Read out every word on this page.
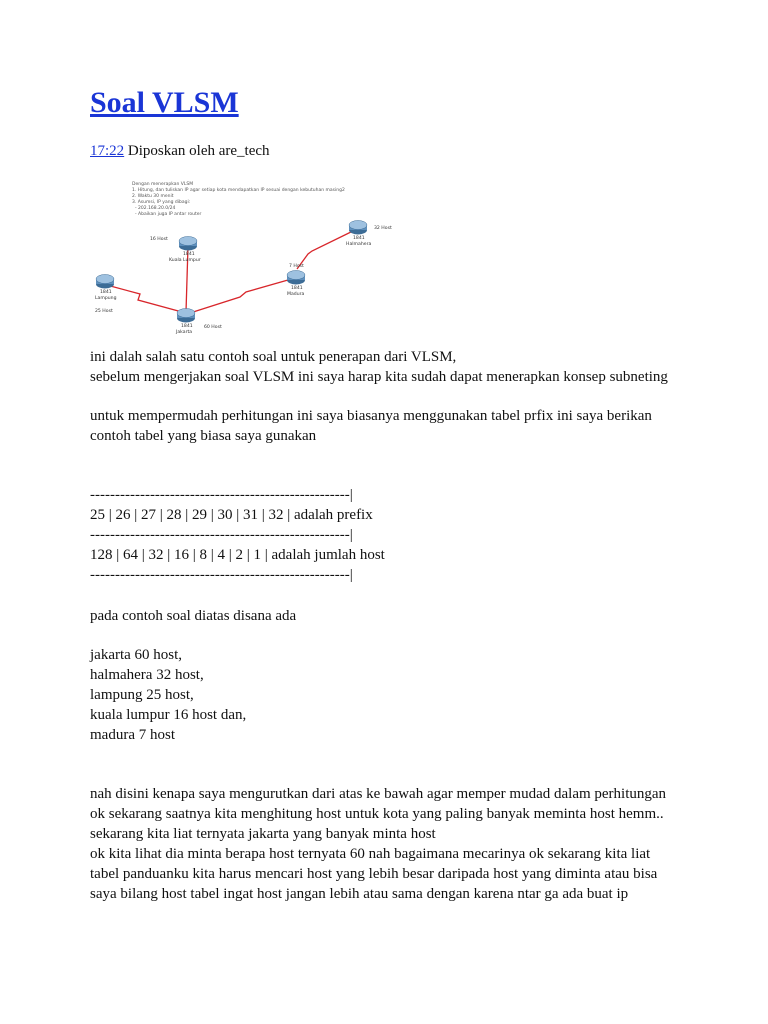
Soal VLSM
17:22 Diposkan oleh are_tech
Dengan menerapkan VLSM
1. Hitung, dan tuliskan IP agar setiap kota mendapatkan IP sesuai dengan kebutuhan masing2
2. Waktu 30 menit
3. Asumsi, IP yang dibagi:
- 202.168.20.0/24
- Abaikan juga IP antar router
16 Host
1841
Kuala Lumpur
1841
Lampung
25 Host
1841
Jakarta
60 Host
7 Host
1841
Madura
32 Host
1841
Halmahera
ini dalah salah satu contoh soal untuk penerapan dari VLSM,
sebelum mengerjakan soal VLSM ini saya harap kita sudah dapat menerapkan konsep subneting
untuk mempermudah perhitungan ini saya biasanya menggunakan tabel prfix ini saya berikan
contoh tabel yang biasa saya gunakan
----------------------------------------------------|
25 | 26 | 27 | 28 | 29 | 30 | 31 | 32 | adalah prefix
----------------------------------------------------|
128 | 64 | 32 | 16 | 8 | 4 | 2 | 1 | adalah jumlah host
----------------------------------------------------|
pada contoh soal diatas disana ada
jakarta 60 host,
halmahera 32 host,
lampung 25 host,
kuala lumpur 16 host dan,
madura 7 host
nah disini kenapa saya mengurutkan dari atas ke bawah agar memper mudad dalam perhitungan
ok sekarang saatnya kita menghitung host untuk kota yang paling banyak meminta host hemm..
sekarang kita liat ternyata jakarta yang banyak minta host
ok kita lihat dia minta berapa host ternyata 60 nah bagaimana mecarinya ok sekarang kita liat
tabel panduanku kita harus mencari host yang lebih besar daripada host yang diminta atau bisa
saya bilang host tabel ingat host jangan lebih atau sama dengan karena ntar ga ada buat ip
